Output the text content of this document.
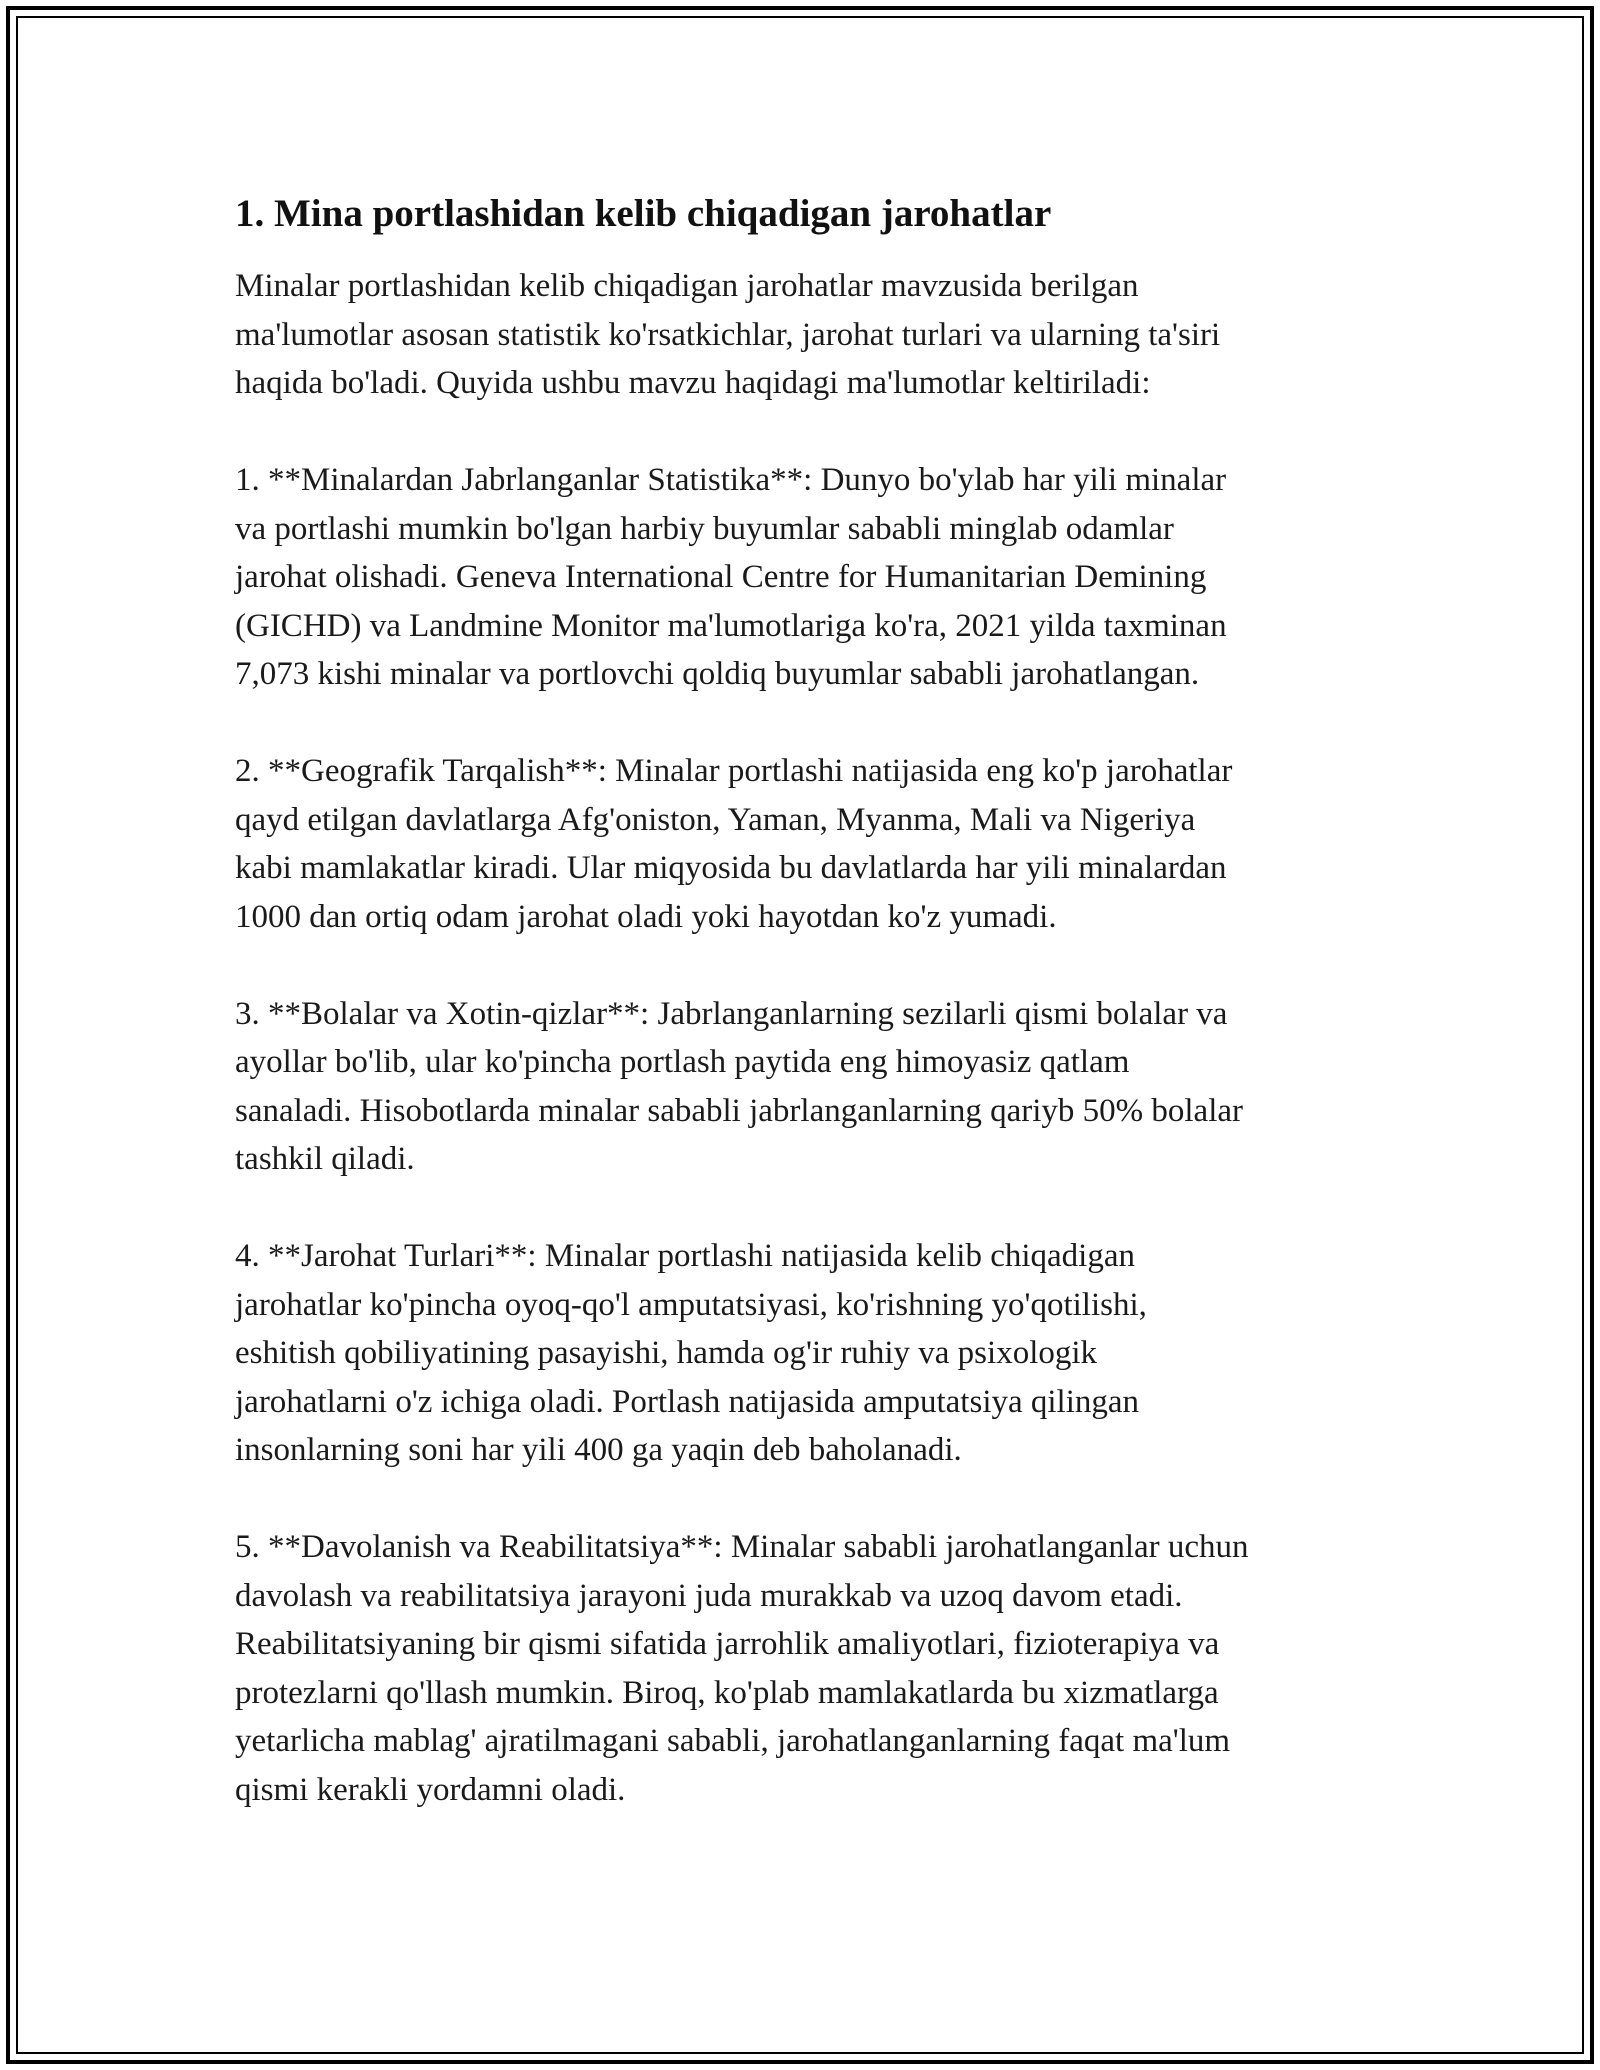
1. Mina portlashidan kelib chiqadigan jarohatlar

Minalar portlashidan kelib chiqadigan jarohatlar mavzusida berilgan
ma'lumotlar asosan statistik ko'rsatkichlar, jarohat turlari va ularning ta'siri
haqida bo'ladi. Quyida ushbu mavzu haqidagi ma'lumotlar keltiriladi:

1. **Minalardan Jabrlanganlar Statistika**: Dunyo bo'ylab har yili minalar
va portlashi mumkin bo'lgan harbiy buyumlar sababli minglab odamlar
jarohat olishadi. Geneva International Centre for Humanitarian Demining
(GICHD) va Landmine Monitor ma'lumotlariga ko'ra, 2021 yilda taxminan
7,073 kishi minalar va portlovchi qoldiq buyumlar sababli jarohatlangan.

2. **Geografik Tarqalish**: Minalar portlashi natijasida eng ko'p jarohatlar
qayd etilgan davlatlarga Afg'oniston, Yaman, Myanma, Mali va Nigeriya
kabi mamlakatlar kiradi. Ular miqyosida bu davlatlarda har yili minalardan
1000 dan ortiq odam jarohat oladi yoki hayotdan ko'z yumadi.

3. **Bolalar va Xotin-qizlar**: Jabrlanganlarning sezilarli qismi bolalar va
ayollar bo'lib, ular ko'pincha portlash paytida eng himoyasiz qatlam
sanaladi. Hisobotlarda minalar sababli jabrlanganlarning qariyb 50% bolalar
tashkil qiladi.

4. **Jarohat Turlari**: Minalar portlashi natijasida kelib chiqadigan
jarohatlar ko'pincha oyoq-qo'l amputatsiyasi, ko'rishning yo'qotilishi,
eshitish qobiliyatining pasayishi, hamda og'ir ruhiy va psixologik
jarohatlarni o'z ichiga oladi. Portlash natijasida amputatsiya qilingan
insonlarning soni har yili 400 ga yaqin deb baholanadi.

5. **Davolanish va Reabilitatsiya**: Minalar sababli jarohatlanganlar uchun
davolash va reabilitatsiya jarayoni juda murakkab va uzoq davom etadi.
Reabilitatsiyaning bir qismi sifatida jarrohlik amaliyotlari, fizioterapiya va
protezlarni qo'llash mumkin. Biroq, ko'plab mamlakatlarda bu xizmatlarga
yetarlicha mablag' ajratilmagani sababli, jarohatlanganlarning faqat ma'lum
qismi kerakli yordamni oladi.
